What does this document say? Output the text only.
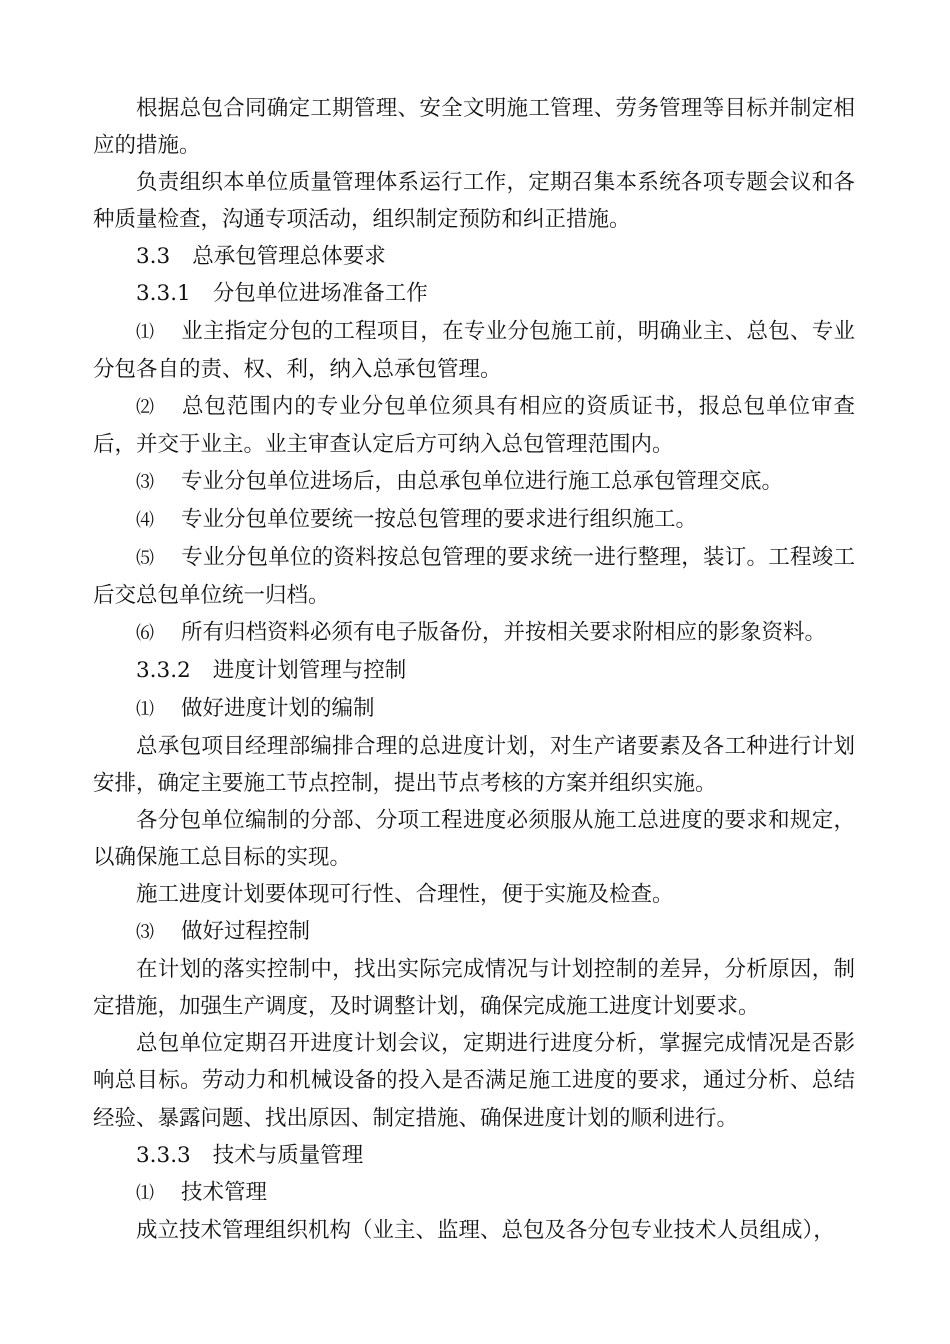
根据总包合同确定工期管理、安全文明施工管理、劳务管理等目标并制定相应的措施。

负责组织本单位质量管理体系运行工作，定期召集本系统各项专题会议和各种质量检查，沟通专项活动，组织制定预防和纠正措施。

3.3 总承包管理总体要求

3.3.1 分包单位进场准备工作

⑴ 业主指定分包的工程项目，在专业分包施工前，明确业主、总包、专业分包各自的责、权、利，纳入总承包管理。

⑵ 总包范围内的专业分包单位须具有相应的资质证书，报总包单位审查后，并交于业主。业主审查认定后方可纳入总包管理范围内。

⑶ 专业分包单位进场后，由总承包单位进行施工总承包管理交底。

⑷ 专业分包单位要统一按总包管理的要求进行组织施工。

⑸ 专业分包单位的资料按总包管理的要求统一进行整理，装订。工程竣工后交总包单位统一归档。

⑹ 所有归档资料必须有电子版备份，并按相关要求附相应的影象资料。

3.3.2 进度计划管理与控制

⑴ 做好进度计划的编制

总承包项目经理部编排合理的总进度计划，对生产诸要素及各工种进行计划安排，确定主要施工节点控制，提出节点考核的方案并组织实施。

各分包单位编制的分部、分项工程进度必须服从施工总进度的要求和规定，以确保施工总目标的实现。

施工进度计划要体现可行性、合理性，便于实施及检查。

⑶ 做好过程控制

在计划的落实控制中，找出实际完成情况与计划控制的差异，分析原因，制定措施，加强生产调度，及时调整计划，确保完成施工进度计划要求。

总包单位定期召开进度计划会议，定期进行进度分析，掌握完成情况是否影响总目标。劳动力和机械设备的投入是否满足施工进度的要求，通过分析、总结经验、暴露问题、找出原因、制定措施、确保进度计划的顺利进行。

3.3.3 技术与质量管理

⑴ 技术管理

成立技术管理组织机构（业主、监理、总包及各分包专业技术人员组成），
